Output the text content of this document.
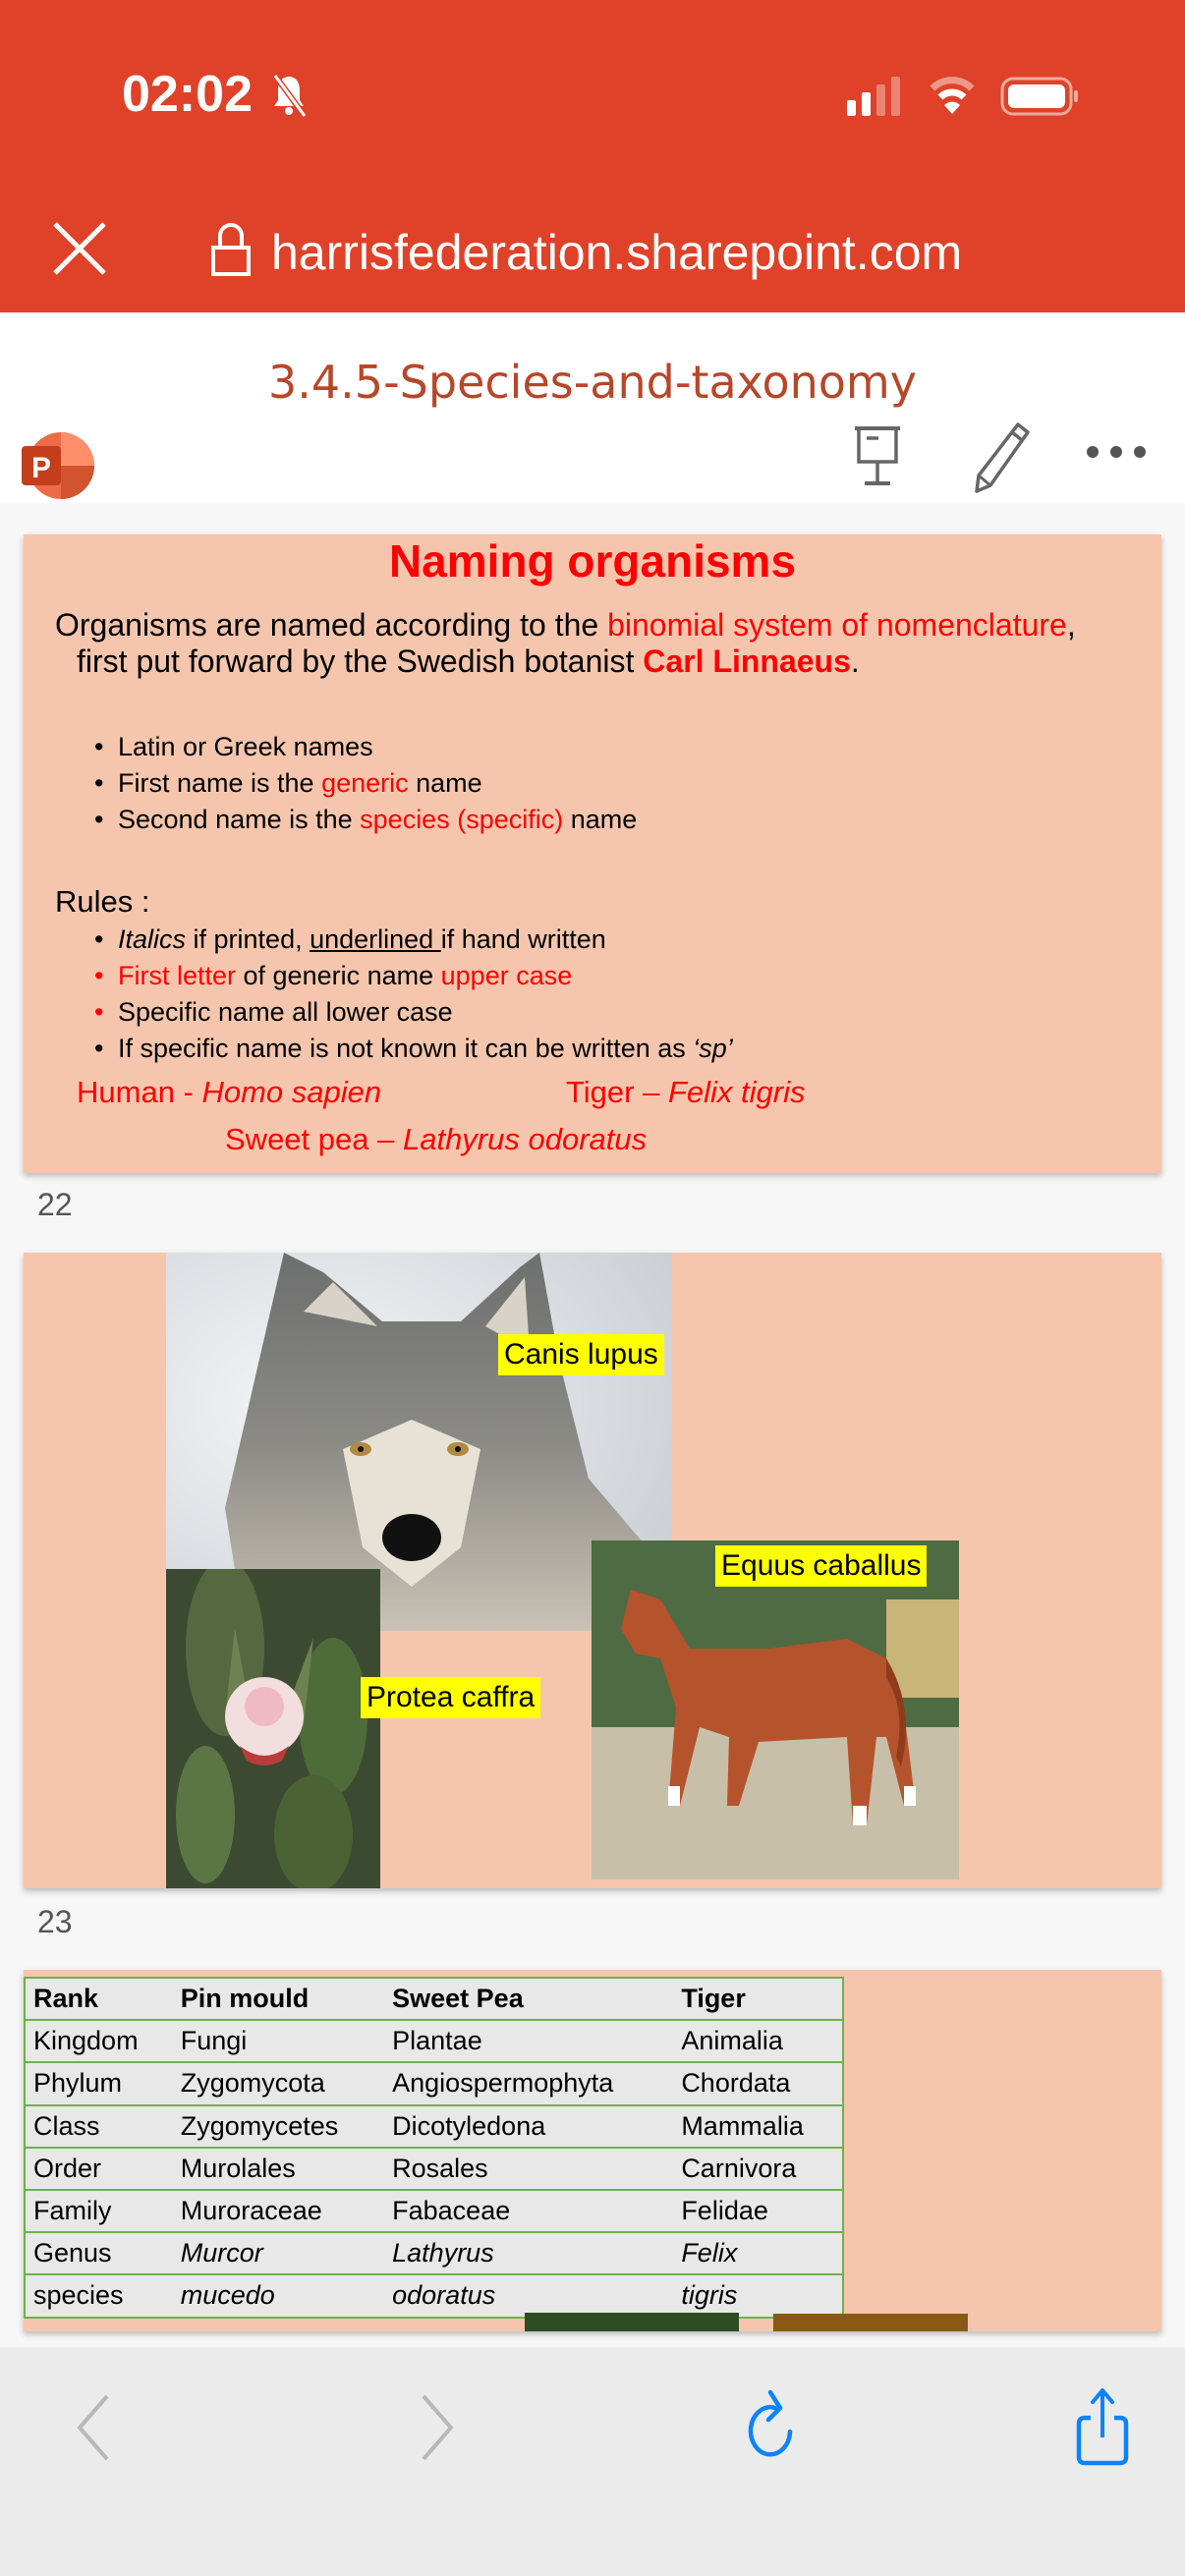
02:02
harrisfederation.sharepoint.com
3.4.5-Species-and-taxonomy
P
Naming organisms
Organisms are named according to the binomial system of nomenclature,
first put forward by the Swedish botanist Carl Linnaeus.
• Latin or Greek names
• First name is the generic name
• Second name is the species (specific) name
Rules :
• Italics if printed, underlined if hand written
• First letter of generic name upper case
• Specific name all lower case
• If specific name is not known it can be written as ‘sp’
Human - Homo sapien	Tiger – Felix tigris
Sweet pea – Lathyrus odoratus
22
Canis lupus
Protea caffra
Equus caballus
23
Rank	Pin mould	Sweet Pea	Tiger
Kingdom	Fungi	Plantae	Animalia
Phylum	Zygomycota	Angiospermophyta	Chordata
Class	Zygomycetes	Dicotyledona	Mammalia
Order	Murolales	Rosales	Carnivora
Family	Muroraceae	Fabaceae	Felidae
Genus	Murcor	Lathyrus	Felix
species	mucedo	odoratus	tigris
